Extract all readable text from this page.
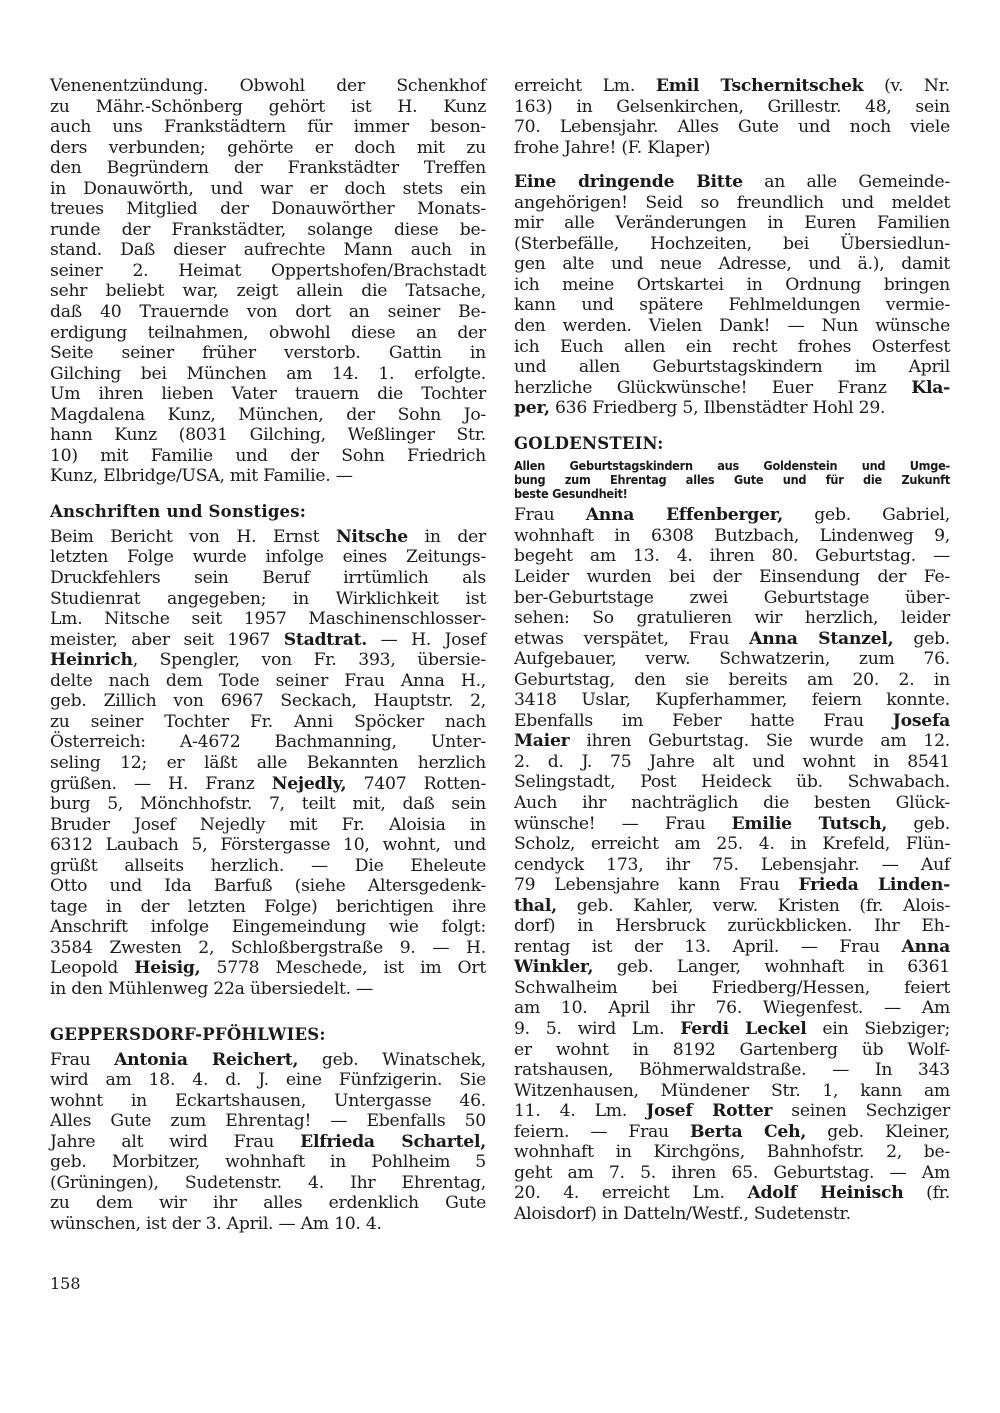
Venenentzündung. Obwohl der Schenkhof
zu Mähr.-Schönberg gehört ist H. Kunz
auch uns Frankstädtern für immer beson-
ders verbunden; gehörte er doch mit zu
den Begründern der Frankstädter Treffen
in Donauwörth, und war er doch stets ein
treues Mitglied der Donauwörther Monats-
runde der Frankstädter, solange diese be-
stand. Daß dieser aufrechte Mann auch in
seiner 2. Heimat Oppertshofen/Brachstadt
sehr beliebt war, zeigt allein die Tatsache,
daß 40 Trauernde von dort an seiner Be-
erdigung teilnahmen, obwohl diese an der
Seite seiner früher verstorb. Gattin in
Gilching bei München am 14. 1. erfolgte.
Um ihren lieben Vater trauern die Tochter
Magdalena Kunz, München, der Sohn Jo-
hann Kunz (8031 Gilching, Weßlinger Str.
10) mit Familie und der Sohn Friedrich
Kunz, Elbridge/USA, mit Familie. —
Anschriften und Sonstiges:
Beim Bericht von H. Ernst Nitsche in der
letzten Folge wurde infolge eines Zeitungs-
Druckfehlers sein Beruf irrtümlich als
Studienrat angegeben; in Wirklichkeit ist
Lm. Nitsche seit 1957 Maschinenschlosser-
meister, aber seit 1967 Stadtrat. — H. Josef
Heinrich, Spengler, von Fr. 393, übersie-
delte nach dem Tode seiner Frau Anna H.,
geb. Zillich von 6967 Seckach, Hauptstr. 2,
zu seiner Tochter Fr. Anni Spöcker nach
Österreich: A-4672 Bachmanning, Unter-
seling 12; er läßt alle Bekannten herzlich
grüßen. — H. Franz Nejedly, 7407 Rotten-
burg 5, Mönchhofstr. 7, teilt mit, daß sein
Bruder Josef Nejedly mit Fr. Aloisia in
6312 Laubach 5, Förstergasse 10, wohnt, und
grüßt allseits herzlich. — Die Eheleute
Otto und Ida Barfuß (siehe Altersgedenk-
tage in der letzten Folge) berichtigen ihre
Anschrift infolge Eingemeindung wie folgt:
3584 Zwesten 2, Schloßbergstraße 9. — H.
Leopold Heisig, 5778 Meschede, ist im Ort
in den Mühlenweg 22a übersiedelt. —
GEPPERSDORF-PFÖHLWIES:
Frau Antonia Reichert, geb. Winatschek,
wird am 18. 4. d. J. eine Fünfzigerin. Sie
wohnt in Eckartshausen, Untergasse 46.
Alles Gute zum Ehrentag! — Ebenfalls 50
Jahre alt wird Frau Elfrieda Schartel,
geb. Morbitzer, wohnhaft in Pohlheim 5
(Grüningen), Sudetenstr. 4. Ihr Ehrentag,
zu dem wir ihr alles erdenklich Gute
wünschen, ist der 3. April. — Am 10. 4.
erreicht Lm. Emil Tschernitschek (v. Nr.
163) in Gelsenkirchen, Grillestr. 48, sein
70. Lebensjahr. Alles Gute und noch viele
frohe Jahre! (F. Klaper)
Eine dringende Bitte an alle Gemeinde-
angehörigen! Seid so freundlich und meldet
mir alle Veränderungen in Euren Familien
(Sterbefälle, Hochzeiten, bei Übersiedlun-
gen alte und neue Adresse, und ä.), damit
ich meine Ortskartei in Ordnung bringen
kann und spätere Fehlmeldungen vermie-
den werden. Vielen Dank! — Nun wünsche
ich Euch allen ein recht frohes Osterfest
und allen Geburtstagskindern im April
herzliche Glückwünsche! Euer Franz Kla-
per, 636 Friedberg 5, Ilbenstädter Hohl 29.
GOLDENSTEIN:
Allen Geburtstagskindern aus Goldenstein und Umge-
bung zum Ehrentag alles Gute und für die Zukunft
beste Gesundheit!
Frau Anna Effenberger, geb. Gabriel,
wohnhaft in 6308 Butzbach, Lindenweg 9,
begeht am 13. 4. ihren 80. Geburtstag. —
Leider wurden bei der Einsendung der Fe-
ber-Geburtstage zwei Geburtstage über-
sehen: So gratulieren wir herzlich, leider
etwas verspätet, Frau Anna Stanzel, geb.
Aufgebauer, verw. Schwatzerin, zum 76.
Geburtstag, den sie bereits am 20. 2. in
3418 Uslar, Kupferhammer, feiern konnte.
Ebenfalls im Feber hatte Frau Josefa
Maier ihren Geburtstag. Sie wurde am 12.
2. d. J. 75 Jahre alt und wohnt in 8541
Selingstadt, Post Heideck üb. Schwabach.
Auch ihr nachträglich die besten Glück-
wünsche! — Frau Emilie Tutsch, geb.
Scholz, erreicht am 25. 4. in Krefeld, Flün-
cendyck 173, ihr 75. Lebensjahr. — Auf
79 Lebensjahre kann Frau Frieda Linden-
thal, geb. Kahler, verw. Kristen (fr. Alois-
dorf) in Hersbruck zurückblicken. Ihr Eh-
rentag ist der 13. April. — Frau Anna
Winkler, geb. Langer, wohnhaft in 6361
Schwalheim bei Friedberg/Hessen, feiert
am 10. April ihr 76. Wiegenfest. — Am
9. 5. wird Lm. Ferdi Leckel ein Siebziger;
er wohnt in 8192 Gartenberg üb Wolf-
ratshausen, Böhmerwaldstraße. — In 343
Witzenhausen, Mündener Str. 1, kann am
11. 4. Lm. Josef Rotter seinen Sechziger
feiern. — Frau Berta Ceh, geb. Kleiner,
wohnhaft in Kirchgöns, Bahnhofstr. 2, be-
geht am 7. 5. ihren 65. Geburtstag. — Am
20. 4. erreicht Lm. Adolf Heinisch (fr.
Aloisdorf) in Datteln/Westf., Sudetenstr.
158
